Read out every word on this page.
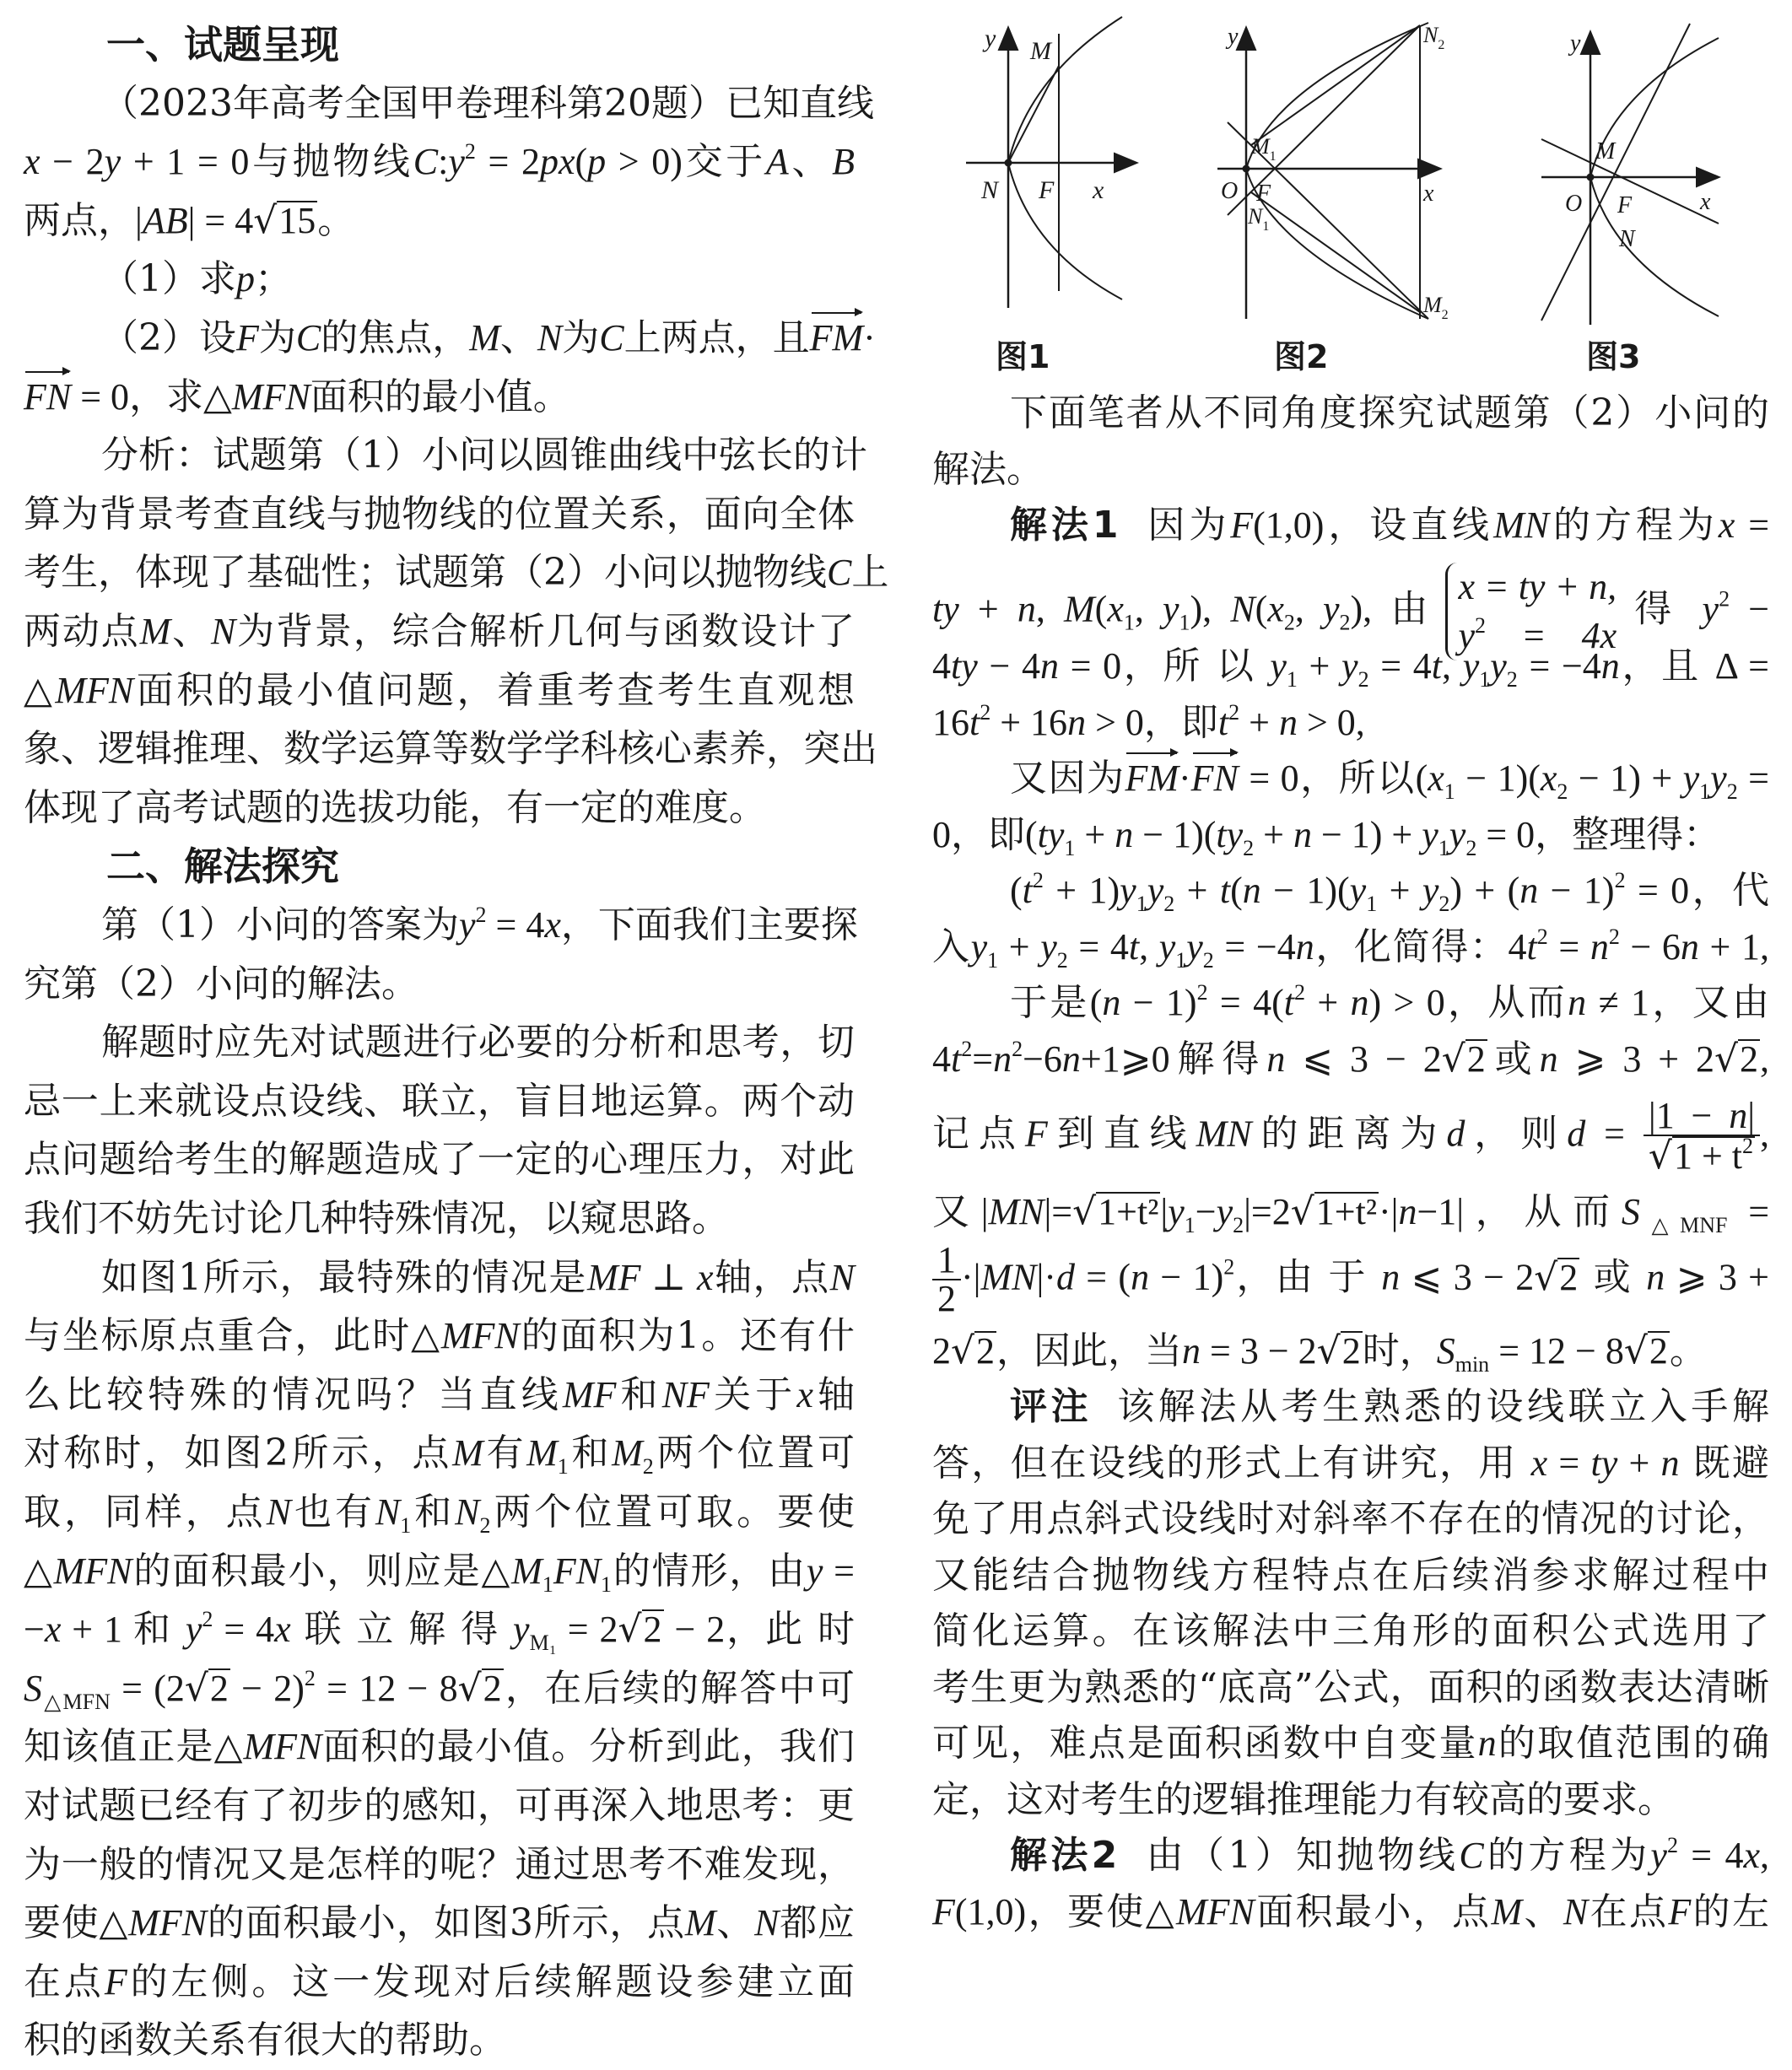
一、试题呈现
（2023年高考全国甲卷理科第20题）已知直线
x − 2y + 1 = 0与抛物线$C:y^2 = 2px(p > 0)$交于A、B
两点，|AB| = 4√15。
（1）求p；
（2）设F为C的焦点，M、N为C上两点，且FM·
FN = 0，求△MFN面积的最小值。
分析：试题第（1）小问以圆锥曲线中弦长的计
算为背景考查直线与抛物线的位置关系，面向全体
考生，体现了基础性；试题第（2）小问以抛物线C上
两动点M、N为背景，综合解析几何与函数设计了
△MFN面积的最小值问题，着重考查考生直观想
象、逻辑推理、数学运算等数学学科核心素养，突出
体现了高考试题的选拔功能，有一定的难度。
二、解法探究
第（1）小问的答案为$y^2 = 4x$，下面我们主要探
究第（2）小问的解法。
解题时应先对试题进行必要的分析和思考，切
忌一上来就设点设线、联立，盲目地运算。两个动
点问题给考生的解题造成了一定的心理压力，对此
我们不妨先讨论几种特殊情况，以窥思路。
如图1所示，最特殊的情况是MF ⊥ x轴，点N
与坐标原点重合，此时△MFN的面积为1。还有什
么比较特殊的情况吗？当直线MF和NF关于x轴
对称时，如图2所示，点M有$M_1$和$M_2$两个位置可
取，同样，点N也有$N_1$和$N_2$两个位置可取。要使
△MFN的面积最小，则应是$\triangle M_1FN_1$的情形，由y =
−x + 1 和 $y^2 = 4x$ 联 立 解 得 $y_{M_1} = 2√2 - 2$，此 时
$S_{\triangle MFN} = (2√2 - 2)^2 = 12 - 8√2$，在后续的解答中可
知该值正是△MFN面积的最小值。分析到此，我们
对试题已经有了初步的感知，可再深入地思考：更
为一般的情况又是怎样的呢？通过思考不难发现，
要使△MFN的面积最小，如图3所示，点M、N都应
在点F的左侧。这一发现对后续解题设参建立面
积的函数关系有很大的帮助。
y M
N F x
y	$N_2$
$M_1$
O F
$N_1$
x
$M_2$
y
M
O F
N
x
图1	图2	图3
下面笔者从不同角度探究试题第（2）小问的
解法。
解法1 因为F(1,0)，设直线MN的方程为x =
ty + n, $M(x_1$, $y_1$), $N(x_2$, $y_2$), 由
x = ty + n,
$y^2 = 4x$
得 $y^2$ −
4ty − 4n = 0，所 以 $y_1 + y_2 = 4t$, $y_1y_2 = -4n$，且 Δ =
$16t^2 + 16n > 0$，即$t^2 + n > 0$,
又因为FM·FN = 0，所以$(x_1 - 1)(x_2 - 1) + y_1y_2$ =
0，即$(ty_1 + n - 1)(ty_2 + n - 1) + y_1y_2 = 0$，整理得：
$(t^2 + 1)y_1y_2 + t(n - 1)(y_1 + y_2) + (n - 1)^2 = 0$，代
入$y_1 + y_2 = 4t$, $y_1y_2 = -4n$，化简得：$4t^2 = n^2 - 6n + 1$,
于是$(n - 1)^2 = 4(t^2 + n) > 0$，从而n ≠ 1，又由
$4t^2=n^2-6n+1⩾0$解得n ⩽ 3 − 2√2或n ⩾ 3 + 2√2,
记点F到直线MN的距离为d，则$d = \frac{|1 - n|}{√1 + t^2}$ ,
又$|MN|=√1+t^2|y_1-y_2|=2√1+t^2\cdot|n-1|$，从而$S_{\triangle MNF}$ =
$\frac{1}{2} \cdot|MN|\cdot d = (n - 1)^2$，由 于 n ⩽ 3 − 2√2 或 n ⩾ 3 +
2√2，因此，当n = 3 − 2√2时，$S_{min} = 12 - 8√2$。
评注 该解法从考生熟悉的设线联立入手解
答，但在设线的形式上有讲究，用 x = ty + n 既避
免了用点斜式设线时对斜率不存在的情况的讨论，
又能结合抛物线方程特点在后续消参求解过程中
简化运算。在该解法中三角形的面积公式选用了
考生更为熟悉的“底高”公式，面积的函数表达清晰
可见，难点是面积函数中自变量n的取值范围的确
定，这对考生的逻辑推理能力有较高的要求。
解法2 由（1）知抛物线C的方程为$y^2 = 4x$,
F(1,0)，要使△MFN面积最小，点M、N在点F的左
